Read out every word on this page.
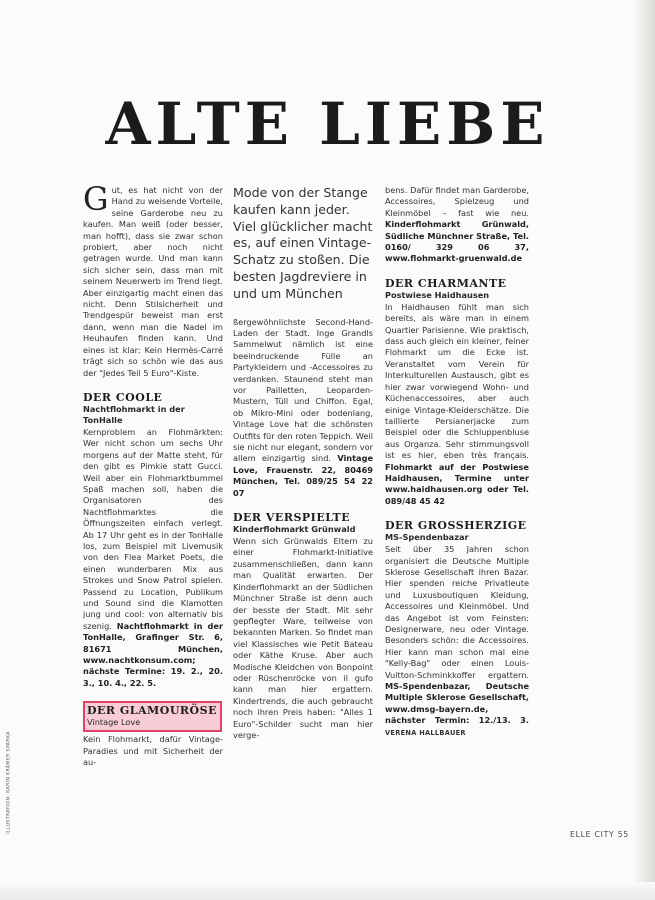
ALTE LIEBE

Gut, es hat nicht von der Hand zu weisende Vorteile, seine Garderobe neu zu kaufen. Man weiß (oder besser, man hofft), dass sie zwar schon probiert, aber noch nicht getragen wurde. Und man kann sich sicher sein, dass man mit seinem Neuerwerb im Trend liegt. Aber einzigartig macht einen das nicht. Denn Stilsicherheit und Trendgespür beweist man erst dann, wenn man die Nadel im Heuhaufen finden kann. Und eines ist klar: Kein Hermès-Carré trägt sich so schön wie das aus der "Jedes Teil 5 Euro"-Kiste.

DER COOLE
Nachtflohmarkt in der TonHalle

Kernproblem an Flohmärkten: Wer nicht schon um sechs Uhr morgens auf der Matte steht, für den gibt es Pimkie statt Gucci. Weil aber ein Flohmarktbummel Spaß machen soll, haben die Organisatoren des Nachtflohmarktes die Öffnungszeiten einfach verlegt. Ab 17 Uhr geht es in der TonHalle los, zum Beispiel mit Livemusik von den Flea Market Poets, die einen wunderbaren Mix aus Strokes und Snow Patrol spielen. Passend zu Location, Publikum und Sound sind die Klamotten jung und cool: von alternativ bis szenig. Nachtflohmarkt in der TonHalle, Grafinger Str. 6, 81671 München, www.nachtkonsum.com; nächste Termine: 19. 2., 20. 3., 10. 4., 22. 5.

DER GLAMOURÖSE
Vintage Love

Kein Flohmarkt, dafür Vintage-Paradies und mit Sicherheit der au-

Mode von der Stange kaufen kann jeder. Viel glücklicher macht es, auf einen Vintage-Schatz zu stoßen. Die besten Jagdreviere in und um München

ßergewöhnlichste Second-Hand-Laden der Stadt. Inge Grandls Sammelwut nämlich ist eine beeindruckende Fülle an Partykleidern und -Accessoires zu verdanken. Staunend steht man vor Pailletten, Leoparden-Mustern, Tüll und Chiffon. Egal, ob Mikro-Mini oder bodenlang, Vintage Love hat die schönsten Outfits für den roten Teppich. Weil sie nicht nur elegant, sondern vor allem einzigartig sind. Vintage Love, Frauenstr. 22, 80469 München, Tel. 089/25 54 22 07

DER VERSPIELTE
Kinderflohmarkt Grünwald

Wenn sich Grünwalds Eltern zu einer Flohmarkt-Initiative zusammenschließen, dann kann man Qualität erwarten. Der Kinderflohmarkt an der Südlichen Münchner Straße ist denn auch der besste der Stadt. Mit sehr gepflegter Ware, teilweise von bekannten Marken. So findet man viel Klassisches wie Petit Bateau oder Käthe Kruse. Aber auch Modische Kleidchen von Bonpoint oder Rüschenröcke von il gufo kann man hier ergattern. Kindertrends, die auch gebraucht noch ihren Preis haben: "Alles 1 Euro"-Schilder sucht man hier verge-

bens. Dafür findet man Garderobe, Accessoires, Spielzeug und Kleinmöbel – fast wie neu. Kinderflohmarkt Grünwald, Südliche Münchner Straße, Tel. 0160/ 329 06 37, www.flohmarkt-gruenwald.de

DER CHARMANTE
Postwiese Haidhausen

In Haidhausen fühlt man sich bereits, als wäre man in einem Quartier Parisienne. Wie praktisch, dass auch gleich ein kleiner, feiner Flohmarkt um die Ecke ist. Veranstaltet vom Verein für Interkulturellen Austausch, gibt es hier zwar vorwiegend Wohn- und Küchenaccessoires, aber auch einige Vintage-Kleiderschätze. Die taillierte Persianerjacke zum Beispiel oder die Schluppenbluse aus Organza. Sehr stimmungsvoll ist es hier, eben très français. Flohmarkt auf der Postwiese Haidhausen, Termine unter www.haidhausen.org oder Tel. 089/48 45 42

DER GROSSHERZIGE
MS-Spendenbazar

Seit über 35 Jahren schon organisiert die Deutsche Multiple Sklerose Gesellschaft ihren Bazar. Hier spenden reiche Privatleute und Luxusboutiquen Kleidung, Accessoires und Kleinmöbel. Und das Angebot ist vom Feinsten: Designerware, neu oder Vintage. Besonders schön: die Accessoires. Hier kann man schon mal eine "Kelly-Bag" oder einen Louis-Vuitton-Schminkkoffer ergattern. MS-Spendenbazar, Deutsche Multiple Sklerose Gesellschaft, www.dmsg-bayern.de, nächster Termin: 12./13. 3. VERENA HALLBAUER

ILLUSTRATION: KARIN KRÄMER SPARKA
ELLE CITY 55
